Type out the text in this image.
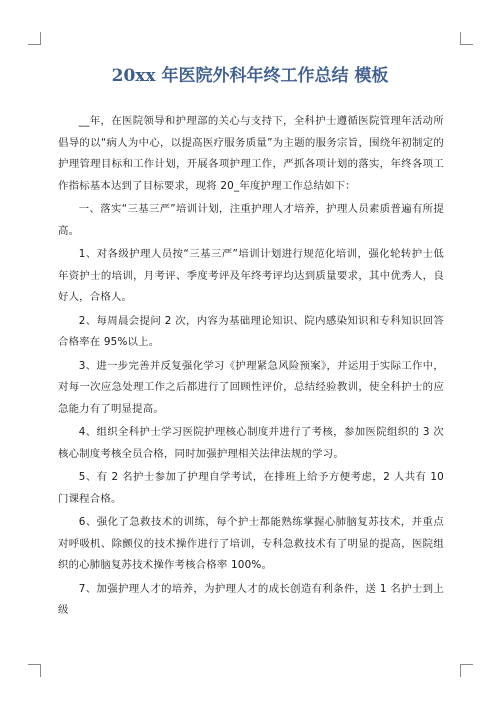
20xx 年医院外科年终工作总结 模板

__年，在医院领导和护理部的关心与支持下，全科护士遵循医院管理年活动所倡导的以“病人为中心，以提高医疗服务质量”为主题的服务宗旨，围绕年初制定的护理管理目标和工作计划，开展各项护理工作，严抓各项计划的落实，年终各项工作指标基本达到了目标要求，现将 20_年度护理工作总结如下：

一、落实“三基三严”培训计划，注重护理人才培养，护理人员素质普遍有所提高。

1、对各级护理人员按“三基三严”培训计划进行规范化培训，强化轮转护士低年资护士的培训，月考评、季度考评及年终考评均达到质量要求，其中优秀人，良好人，合格人。

2、每周晨会提问 2 次，内容为基础理论知识、院内感染知识和专科知识回答合格率在 95%以上。

3、进一步完善并反复强化学习《护理紧急风险预案》，并运用于实际工作中，对每一次应急处理工作之后都进行了回顾性评价，总结经验教训，使全科护士的应急能力有了明显提高。

4、组织全科护士学习医院护理核心制度并进行了考核，参加医院组织的 3 次核心制度考核全员合格，同时加强护理相关法律法规的学习。

5、有 2 名护士参加了护理自学考试，在排班上给予方便考虑，2 人共有 10 门课程合格。

6、强化了急救技术的训练，每个护士都能熟练掌握心肺脑复苏技术，并重点对呼吸机、除颤仪的技术操作进行了培训，专科急救技术有了明显的提高，医院组织的心肺脑复苏技术操作考核合格率 100%。

7、加强护理人才的培养，为护理人才的成长创造有利条件，送 1 名护士到上级
